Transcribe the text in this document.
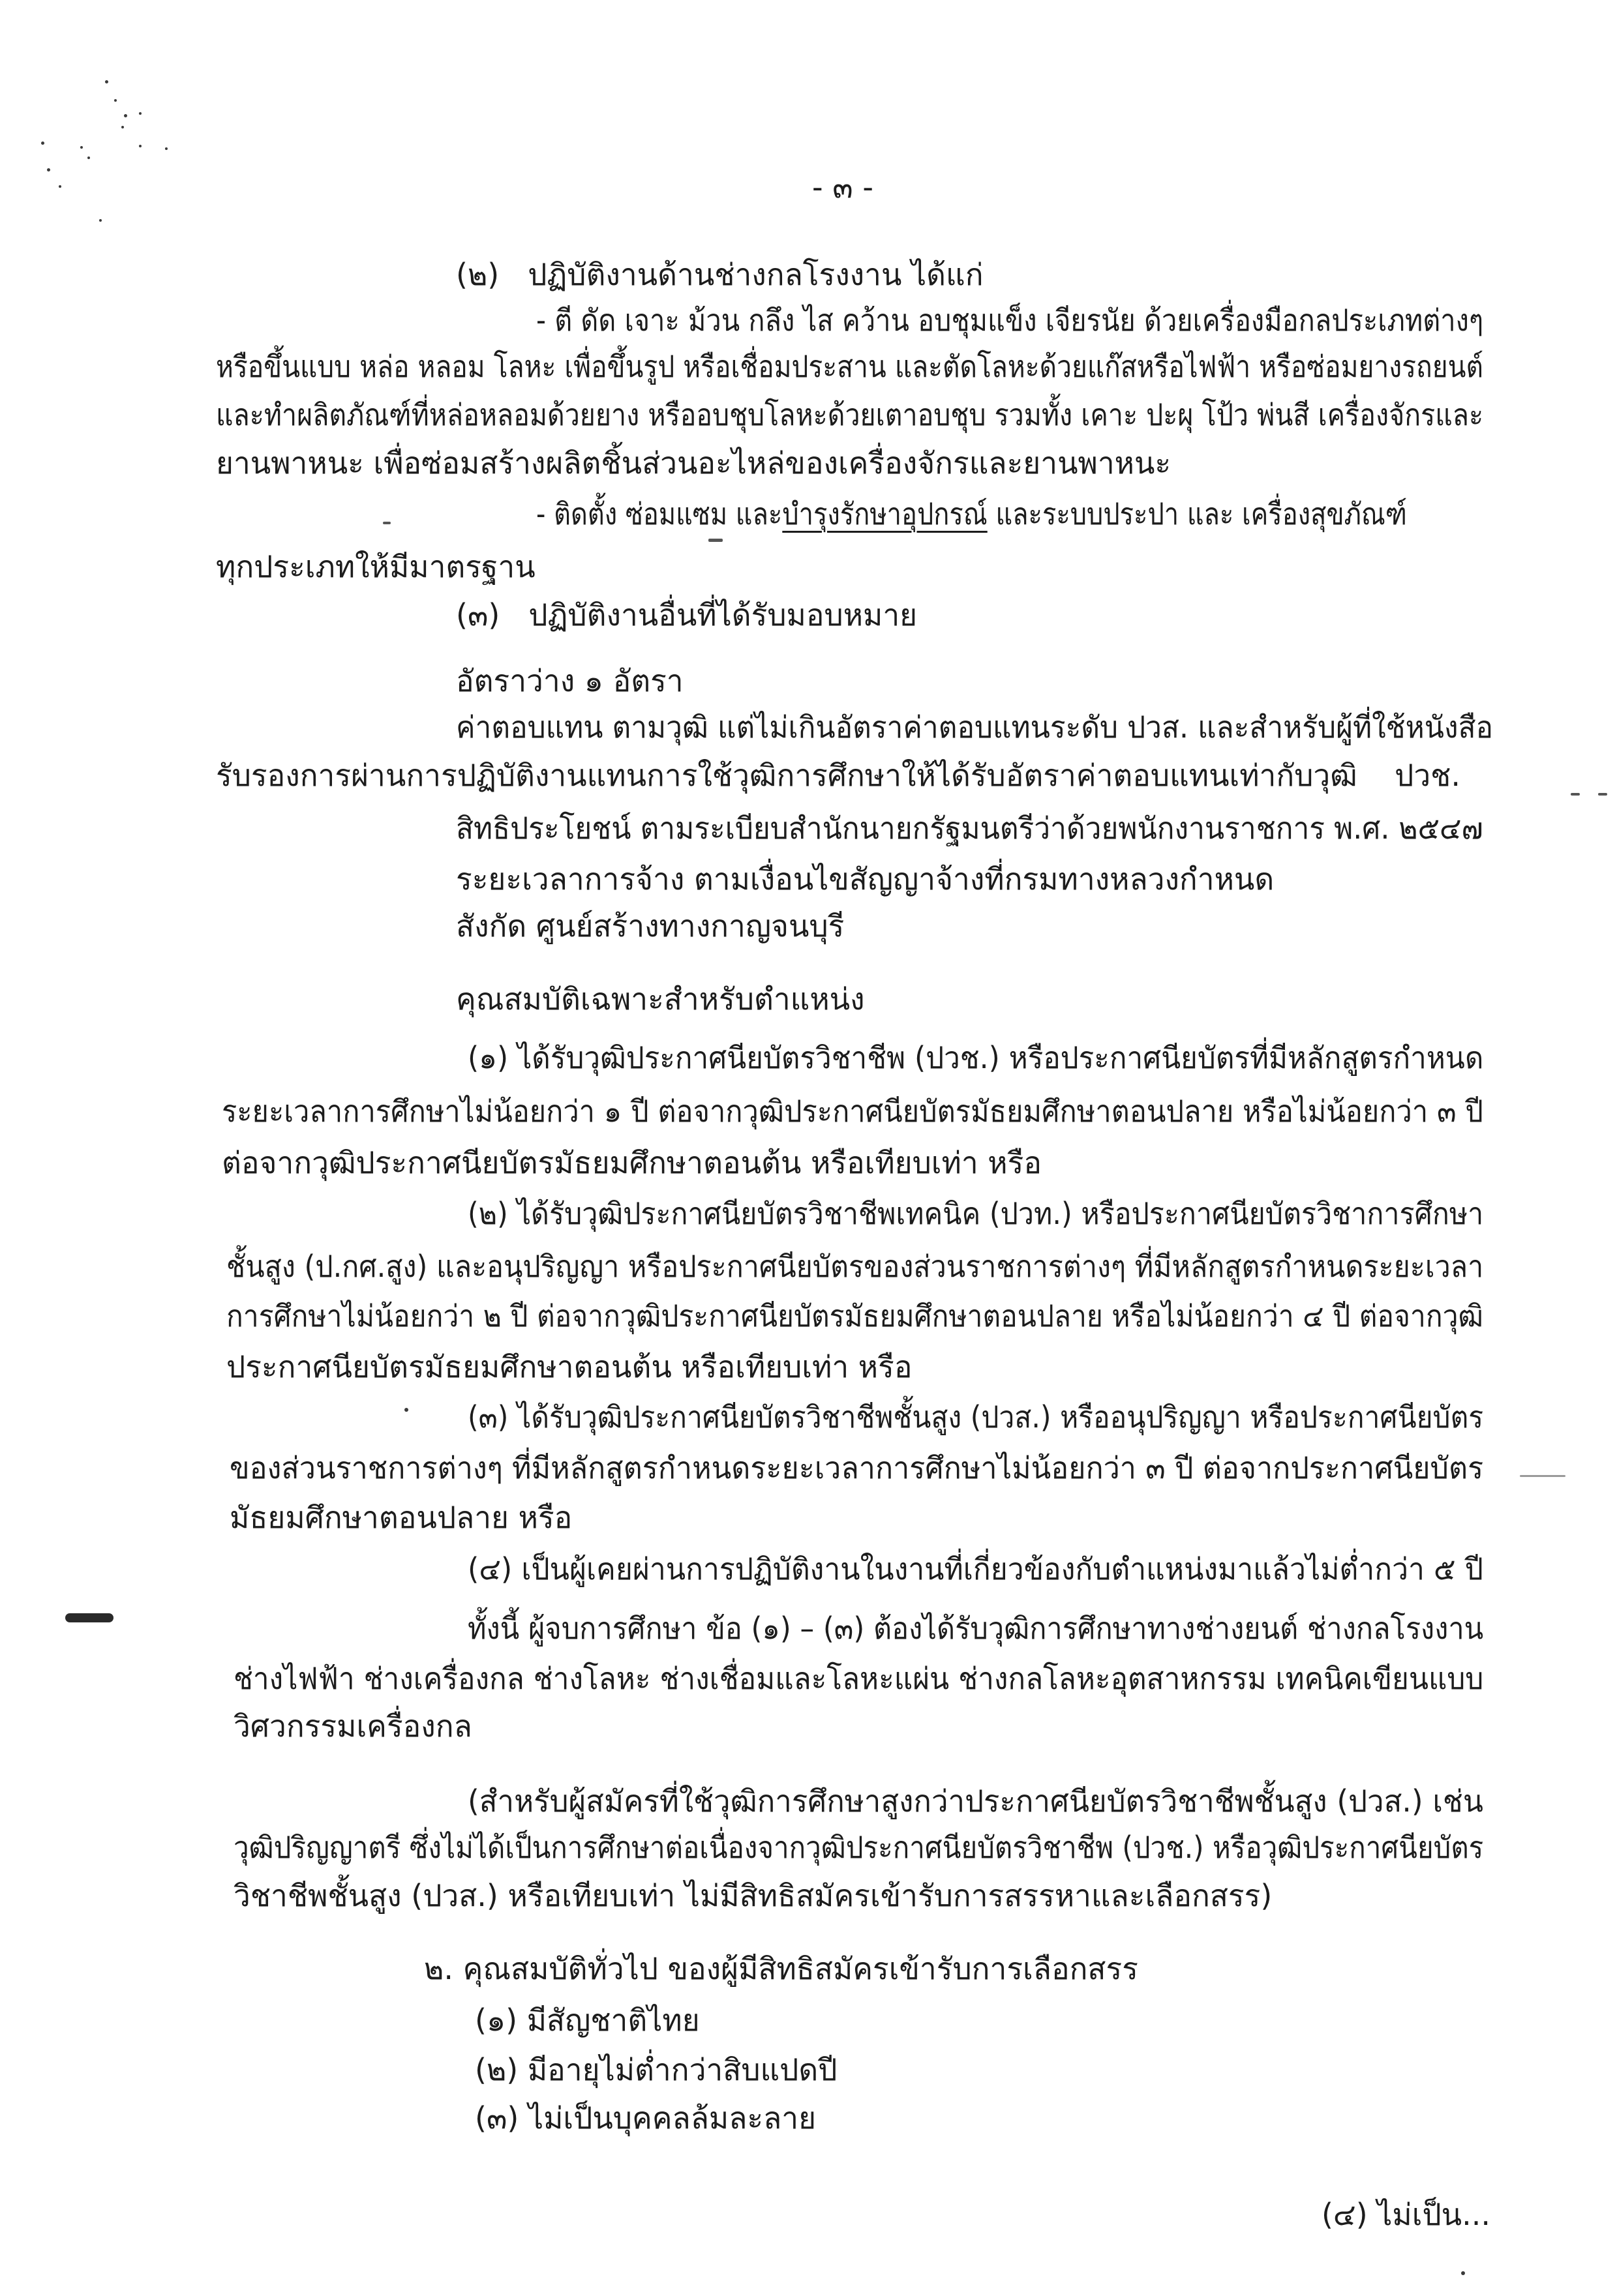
- ๓ -
(๒) ปฏิบัติงานด้านช่างกลโรงงาน ได้แก่
- ตี ดัด เจาะ ม้วน กลึง ไส คว้าน อบชุมแข็ง เจียรนัย ด้วยเครื่องมือกลประเภทต่างๆ
หรือขึ้นแบบ หล่อ หลอม โลหะ เพื่อขึ้นรูป หรือเชื่อมประสาน และตัดโลหะด้วยแก๊สหรือไฟฟ้า หรือซ่อมยางรถยนต์
และทำผลิตภัณฑ์ที่หล่อหลอมด้วยยาง หรืออบชุบโลหะด้วยเตาอบชุบ รวมทั้ง เคาะ ปะผุ โป้ว พ่นสี เครื่องจักรและ
ยานพาหนะ เพื่อซ่อมสร้างผลิตชิ้นส่วนอะไหล่ของเครื่องจักรและยานพาหนะ
- ติดตั้ง ซ่อมแซม และบำรุงรักษาอุปกรณ์ และระบบประปา และ เครื่องสุขภัณฑ์
ทุกประเภทให้มีมาตรฐาน
(๓) ปฏิบัติงานอื่นที่ได้รับมอบหมาย
อัตราว่าง ๑ อัตรา
ค่าตอบแทน ตามวุฒิ แต่ไม่เกินอัตราค่าตอบแทนระดับ ปวส. และสำหรับผู้ที่ใช้หนังสือ
รับรองการผ่านการปฏิบัติงานแทนการใช้วุฒิการศึกษาให้ได้รับอัตราค่าตอบแทนเท่ากับวุฒิ ปวช.
สิทธิประโยชน์ ตามระเบียบสำนักนายกรัฐมนตรีว่าด้วยพนักงานราชการ พ.ศ. ๒๕๔๗
ระยะเวลาการจ้าง ตามเงื่อนไขสัญญาจ้างที่กรมทางหลวงกำหนด
สังกัด ศูนย์สร้างทางกาญจนบุรี
คุณสมบัติเฉพาะสำหรับตำแหน่ง
(๑) ได้รับวุฒิประกาศนียบัตรวิชาชีพ (ปวช.) หรือประกาศนียบัตรที่มีหลักสูตรกำหนด
ระยะเวลาการศึกษาไม่น้อยกว่า ๑ ปี ต่อจากวุฒิประกาศนียบัตรมัธยมศึกษาตอนปลาย หรือไม่น้อยกว่า ๓ ปี
ต่อจากวุฒิประกาศนียบัตรมัธยมศึกษาตอนต้น หรือเทียบเท่า หรือ
(๒) ได้รับวุฒิประกาศนียบัตรวิชาชีพเทคนิค (ปวท.) หรือประกาศนียบัตรวิชาการศึกษา
ชั้นสูง (ป.กศ.สูง) และอนุปริญญา หรือประกาศนียบัตรของส่วนราชการต่างๆ ที่มีหลักสูตรกำหนดระยะเวลา
การศึกษาไม่น้อยกว่า ๒ ปี ต่อจากวุฒิประกาศนียบัตรมัธยมศึกษาตอนปลาย หรือไม่น้อยกว่า ๔ ปี ต่อจากวุฒิ
ประกาศนียบัตรมัธยมศึกษาตอนต้น หรือเทียบเท่า หรือ
(๓) ได้รับวุฒิประกาศนียบัตรวิชาชีพชั้นสูง (ปวส.) หรืออนุปริญญา หรือประกาศนียบัตร
ของส่วนราชการต่างๆ ที่มีหลักสูตรกำหนดระยะเวลาการศึกษาไม่น้อยกว่า ๓ ปี ต่อจากประกาศนียบัตร
มัธยมศึกษาตอนปลาย หรือ
(๔) เป็นผู้เคยผ่านการปฏิบัติงานในงานที่เกี่ยวข้องกับตำแหน่งมาแล้วไม่ต่ำกว่า ๕ ปี
ทั้งนี้ ผู้จบการศึกษา ข้อ (๑) – (๓) ต้องได้รับวุฒิการศึกษาทางช่างยนต์ ช่างกลโรงงาน
ช่างไฟฟ้า ช่างเครื่องกล ช่างโลหะ ช่างเชื่อมและโลหะแผ่น ช่างกลโลหะอุตสาหกรรม เทคนิคเขียนแบบ
วิศวกรรมเครื่องกล
(สำหรับผู้สมัครที่ใช้วุฒิการศึกษาสูงกว่าประกาศนียบัตรวิชาชีพชั้นสูง (ปวส.) เช่น
วุฒิปริญญาตรี ซึ่งไม่ได้เป็นการศึกษาต่อเนื่องจากวุฒิประกาศนียบัตรวิชาชีพ (ปวช.) หรือวุฒิประกาศนียบัตร
วิชาชีพชั้นสูง (ปวส.) หรือเทียบเท่า ไม่มีสิทธิสมัครเข้ารับการสรรหาและเลือกสรร)
๒. คุณสมบัติทั่วไป ของผู้มีสิทธิสมัครเข้ารับการเลือกสรร
(๑) มีสัญชาติไทย
(๒) มีอายุไม่ต่ำกว่าสิบแปดปี
(๓) ไม่เป็นบุคคลล้มละลาย
(๔) ไม่เป็น...
